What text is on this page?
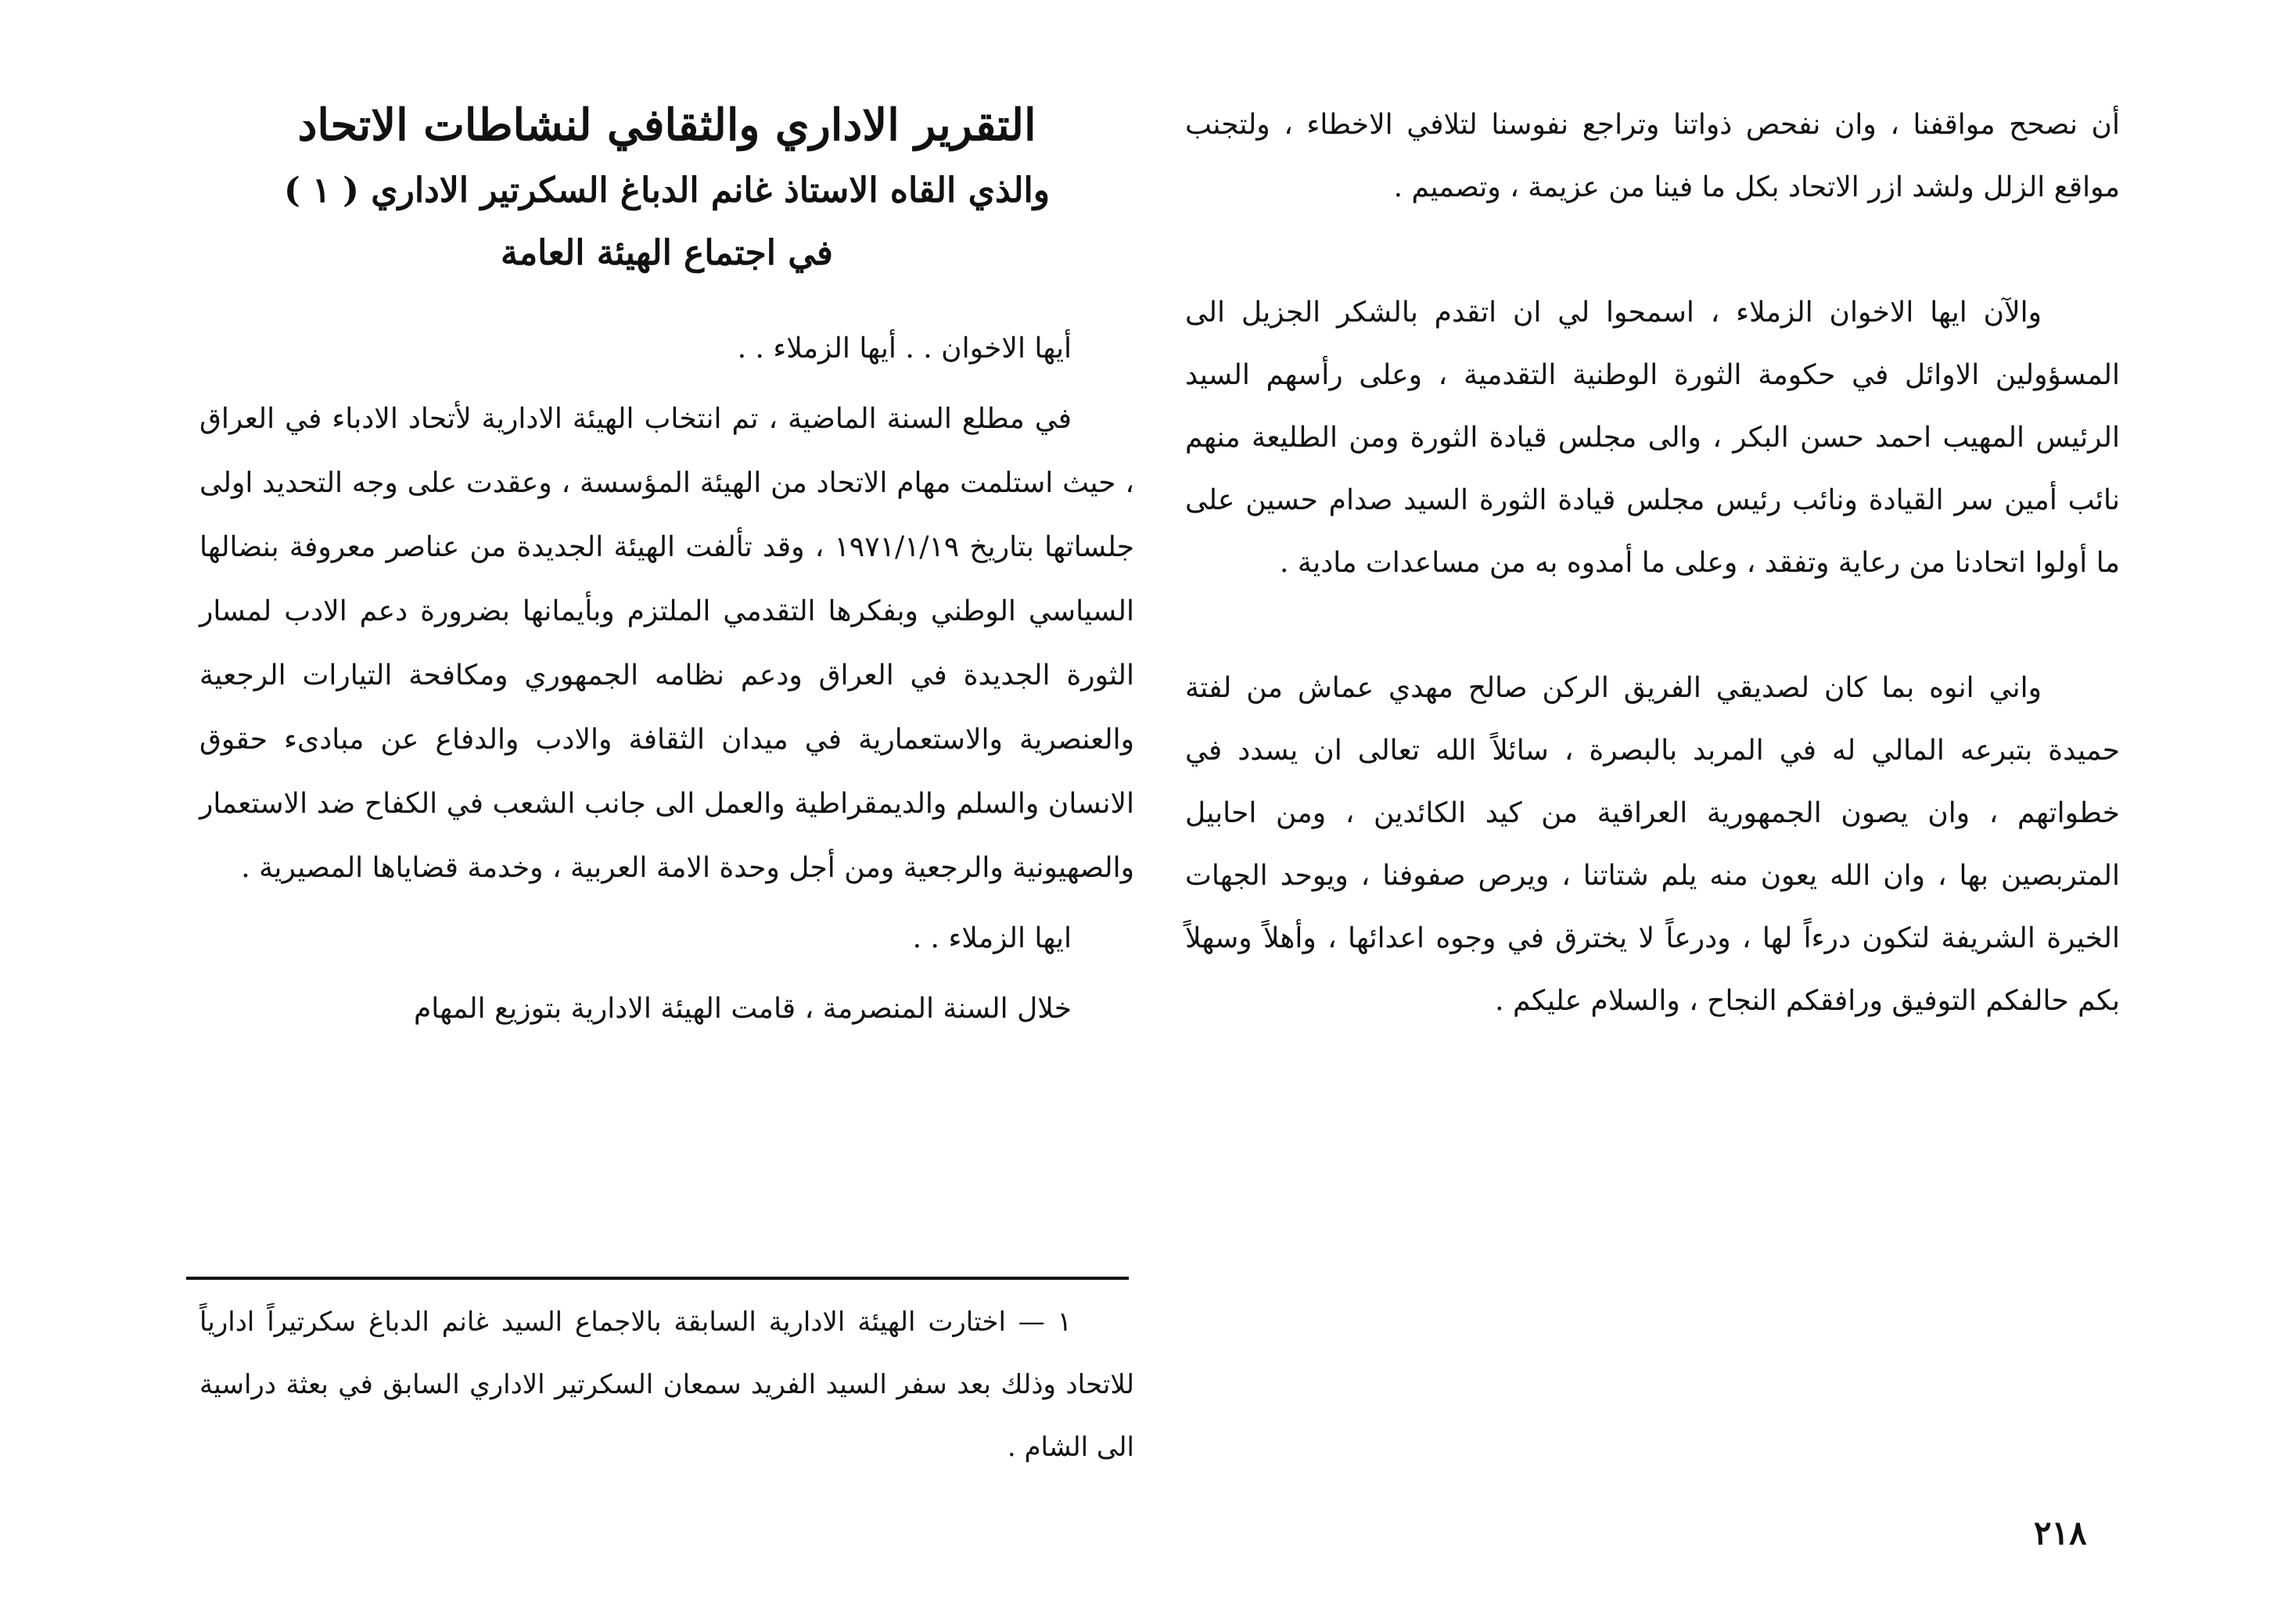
أن نصحح مواقفنا ، وان نفحص ذواتنا وتراجع نفوسنا لتلافي الاخطاء ، ولتجنب مواقع الزلل ولشد ازر الاتحاد بكل ما فينا من عزيمة ، وتصميم .

والآن ايها الاخوان الزملاء ، اسمحوا لي ان اتقدم بالشكر الجزيل الى المسؤولين الاوائل في حكومة الثورة الوطنية التقدمية ، وعلى رأسهم السيد الرئيس المهيب احمد حسن البكر ، والى مجلس قيادة الثورة ومن الطليعة منهم نائب أمين سر القيادة ونائب رئيس مجلس قيادة الثورة السيد صدام حسين على ما أولوا اتحادنا من رعاية وتفقد ، وعلى ما أمدوه به من مساعدات مادية .

واني انوه بما كان لصديقي الفريق الركن صالح مهدي عماش من لفتة حميدة بتبرعه المالي له في المربد بالبصرة ، سائلاً الله تعالى ان يسدد في خطواتهم ، وان يصون الجمهورية العراقية من كيد الكائدين ، ومن احابيل المتربصين بها ، وان الله يعون منه يلم شتاتنا ، ويرص صفوفنا ، ويوحد الجهات الخيرة الشريفة لتكون درءاً لها ، ودرعاً لا يخترق في وجوه اعدائها ، وأهلاً وسهلاً بكم حالفكم التوفيق ورافقكم النجاح ، والسلام عليكم .

التقرير الاداري والثقافي لنشاطات الاتحاد
والذي القاه الاستاذ غانم الدباغ السكرتير الاداري ( ١ )
في اجتماع الهيئة العامة

أيها الاخوان . . أيها الزملاء . .

في مطلع السنة الماضية ، تم انتخاب الهيئة الادارية لأتحاد الادباء في العراق ، حيث استلمت مهام الاتحاد من الهيئة المؤسسة ، وعقدت على وجه التحديد اولى جلساتها بتاريخ ١٩٧١/١/١٩ ، وقد تألفت الهيئة الجديدة من عناصر معروفة بنضالها السياسي الوطني وبفكرها التقدمي الملتزم وبأيمانها بضرورة دعم الادب لمسار الثورة الجديدة في العراق ودعم نظامه الجمهوري ومكافحة التيارات الرجعية والعنصرية والاستعمارية في ميدان الثقافة والادب والدفاع عن مبادىء حقوق الانسان والسلم والديمقراطية والعمل الى جانب الشعب في الكفاح ضد الاستعمار والصهيونية والرجعية ومن أجل وحدة الامة العربية ، وخدمة قضاياها المصيرية .

ايها الزملاء . .

خلال السنة المنصرمة ، قامت الهيئة الادارية بتوزيع المهام

١ — اختارت الهيئة الادارية السابقة بالاجماع السيد غانم الدباغ سكرتيراً ادارياً للاتحاد وذلك بعد سفر السيد الفريد سمعان السكرتير الاداري السابق في بعثة دراسية الى الشام .

٢١٨
